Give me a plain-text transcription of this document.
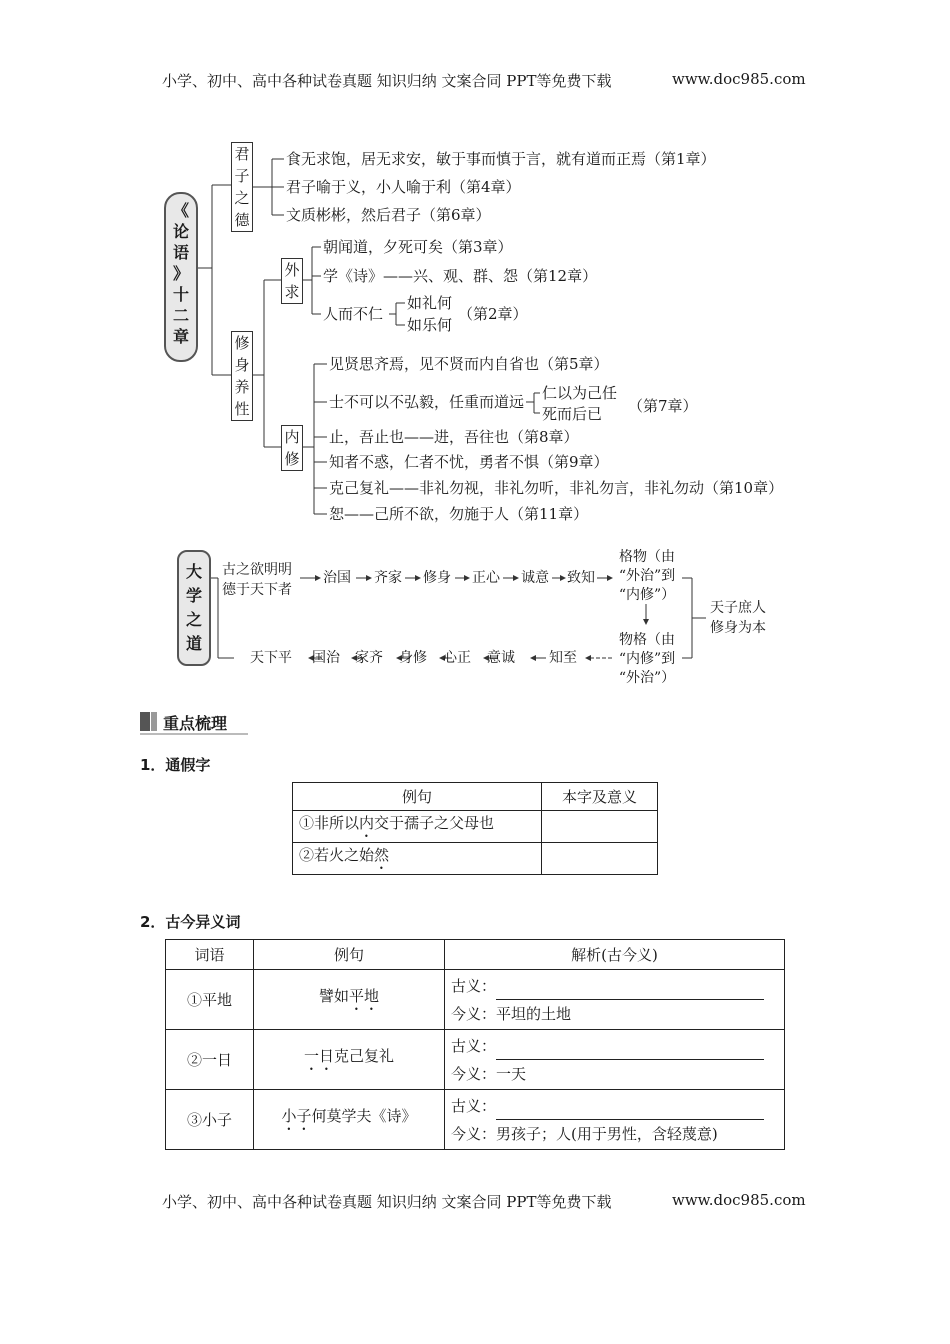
小学、初中、高中各种试卷真题 知识归纳 文案合同 PPT等免费下载	www.doc985.com
小学、初中、高中各种试卷真题 知识归纳 文案合同 PPT等免费下载	www.doc985.com
《
论
语
》
十
二
章
君
子
之
德
食无求饱，居无求安，敏于事而慎于言，就有道而正焉（第1章）
君子喻于义，小人喻于利（第4章）
文质彬彬，然后君子（第6章）
修
身
养
性
外
求
朝闻道，夕死可矣（第3章）
学《诗》——兴、观、群、怨（第12章）
人而不仁
如礼何
如乐何
（第2章）
内
修
见贤思齐焉，见不贤而内自省也（第5章）
士不可以不弘毅，任重而道远 仁以为己任
死而后已 （第7章）
止，吾止也——进，吾往也（第8章）
知者不惑，仁者不忧，勇者不惧（第9章）
克己复礼——非礼勿视，非礼勿听，非礼勿言，非礼勿动（第10章）
恕——己所不欲，勿施于人（第11章）
大
学
之
道
古之欲明明
德于天下者
治国 齐家 修身 正心 诚意 致知
格物（由
“外治”到
“内修”）
物格（由
“内修”到
“外治”）
天子庶人
修身为本
天下平 国治 家齐 身修 心正 意诚 知至
重点梳理
1．通假字
例句	本字及意义
①非所以内交于孺子之父母也	
②若火之始然	
2．古今异义词
词语	例句	解析(古今义)
①平地	譬如平地	古义：
今义：平坦的土地

②一日	一日克己复礼	古义：
今义：一天

③小子	小子何莫学夫《诗》	古义：
今义：男孩子；人(用于男性，含轻蔑意)
